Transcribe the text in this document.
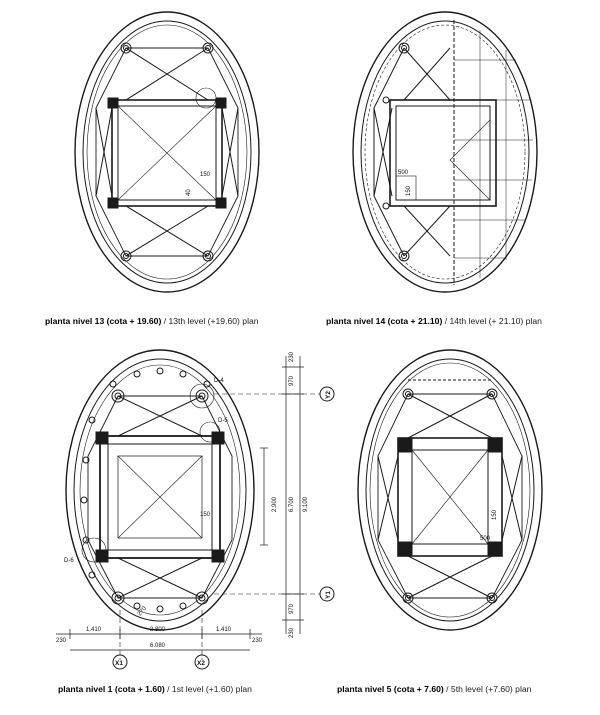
150
40
500
150
D-4
D-5
D-6
150
270
230
970
2.900 6.700 9.100
970
230
230
1.410	2.800	1.410
230
6.080
X1	X2
Y2
Y1
500
150
planta nivel 13 (cota + 19.60) / 13th level (+19.60) plan	planta nivel 14 (cota + 21.10) / 14th level (+ 21.10) plan
planta nivel 1 (cota + 1.60) / 1st level (+1.60) plan	planta nivel 5 (cota + 7.60) / 5th level (+7.60) plan
